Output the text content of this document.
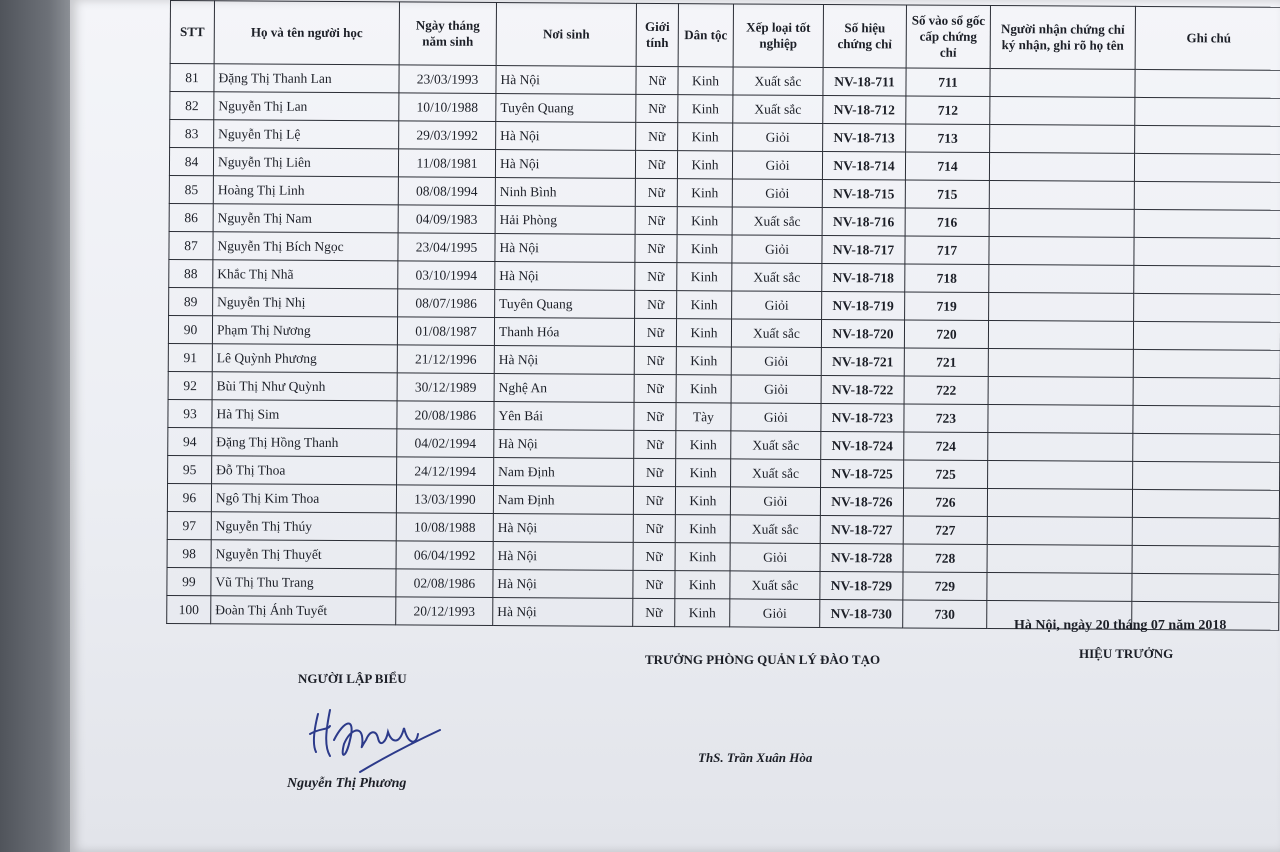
STT	Họ và tên người học	Ngày tháng năm sinh	Nơi sinh	Giới tính	Dân tộc	Xếp loại tốt nghiệp	Số hiệu chứng chỉ	Số vào sổ gốc cấp chứng chỉ	Người nhận chứng chỉ ký nhận, ghi rõ họ tên	Ghi chú
81	Đặng Thị Thanh Lan	23/03/1993	Hà Nội	Nữ	Kinh	Xuất sắc	NV-18-711	711		
82	Nguyễn Thị Lan	10/10/1988	Tuyên Quang	Nữ	Kinh	Xuất sắc	NV-18-712	712		
83	Nguyễn Thị Lệ	29/03/1992	Hà Nội	Nữ	Kinh	Giỏi	NV-18-713	713		
84	Nguyễn Thị Liên	11/08/1981	Hà Nội	Nữ	Kinh	Giỏi	NV-18-714	714		
85	Hoàng Thị Linh	08/08/1994	Ninh Bình	Nữ	Kinh	Giỏi	NV-18-715	715		
86	Nguyễn Thị Nam	04/09/1983	Hải Phòng	Nữ	Kinh	Xuất sắc	NV-18-716	716		
87	Nguyễn Thị Bích Ngọc	23/04/1995	Hà Nội	Nữ	Kinh	Giỏi	NV-18-717	717		
88	Khắc Thị Nhã	03/10/1994	Hà Nội	Nữ	Kinh	Xuất sắc	NV-18-718	718		
89	Nguyễn Thị Nhị	08/07/1986	Tuyên Quang	Nữ	Kinh	Giỏi	NV-18-719	719		
90	Phạm Thị Nương	01/08/1987	Thanh Hóa	Nữ	Kinh	Xuất sắc	NV-18-720	720		
91	Lê Quỳnh Phương	21/12/1996	Hà Nội	Nữ	Kinh	Giỏi	NV-18-721	721		
92	Bùi Thị Như Quỳnh	30/12/1989	Nghệ An	Nữ	Kinh	Giỏi	NV-18-722	722		
93	Hà Thị Sim	20/08/1986	Yên Bái	Nữ	Tày	Giỏi	NV-18-723	723		
94	Đặng Thị Hồng Thanh	04/02/1994	Hà Nội	Nữ	Kinh	Xuất sắc	NV-18-724	724		
95	Đỗ Thị Thoa	24/12/1994	Nam Định	Nữ	Kinh	Xuất sắc	NV-18-725	725		
96	Ngô Thị Kim Thoa	13/03/1990	Nam Định	Nữ	Kinh	Giỏi	NV-18-726	726		
97	Nguyễn Thị Thúy	10/08/1988	Hà Nội	Nữ	Kinh	Xuất sắc	NV-18-727	727		
98	Nguyễn Thị Thuyết	06/04/1992	Hà Nội	Nữ	Kinh	Giỏi	NV-18-728	728		
99	Vũ Thị Thu Trang	02/08/1986	Hà Nội	Nữ	Kinh	Xuất sắc	NV-18-729	729		
100	Đoàn Thị Ánh Tuyết	20/12/1993	Hà Nội	Nữ	Kinh	Giỏi	NV-18-730	730		
Hà Nội, ngày 20 tháng 07 năm 2018
NGƯỜI LẬP BIỂU
TRƯỞNG PHÒNG QUẢN LÝ ĐÀO TẠO	HIỆU TRƯỞNG
Nguyễn Thị Phương
ThS. Trần Xuân Hòa
